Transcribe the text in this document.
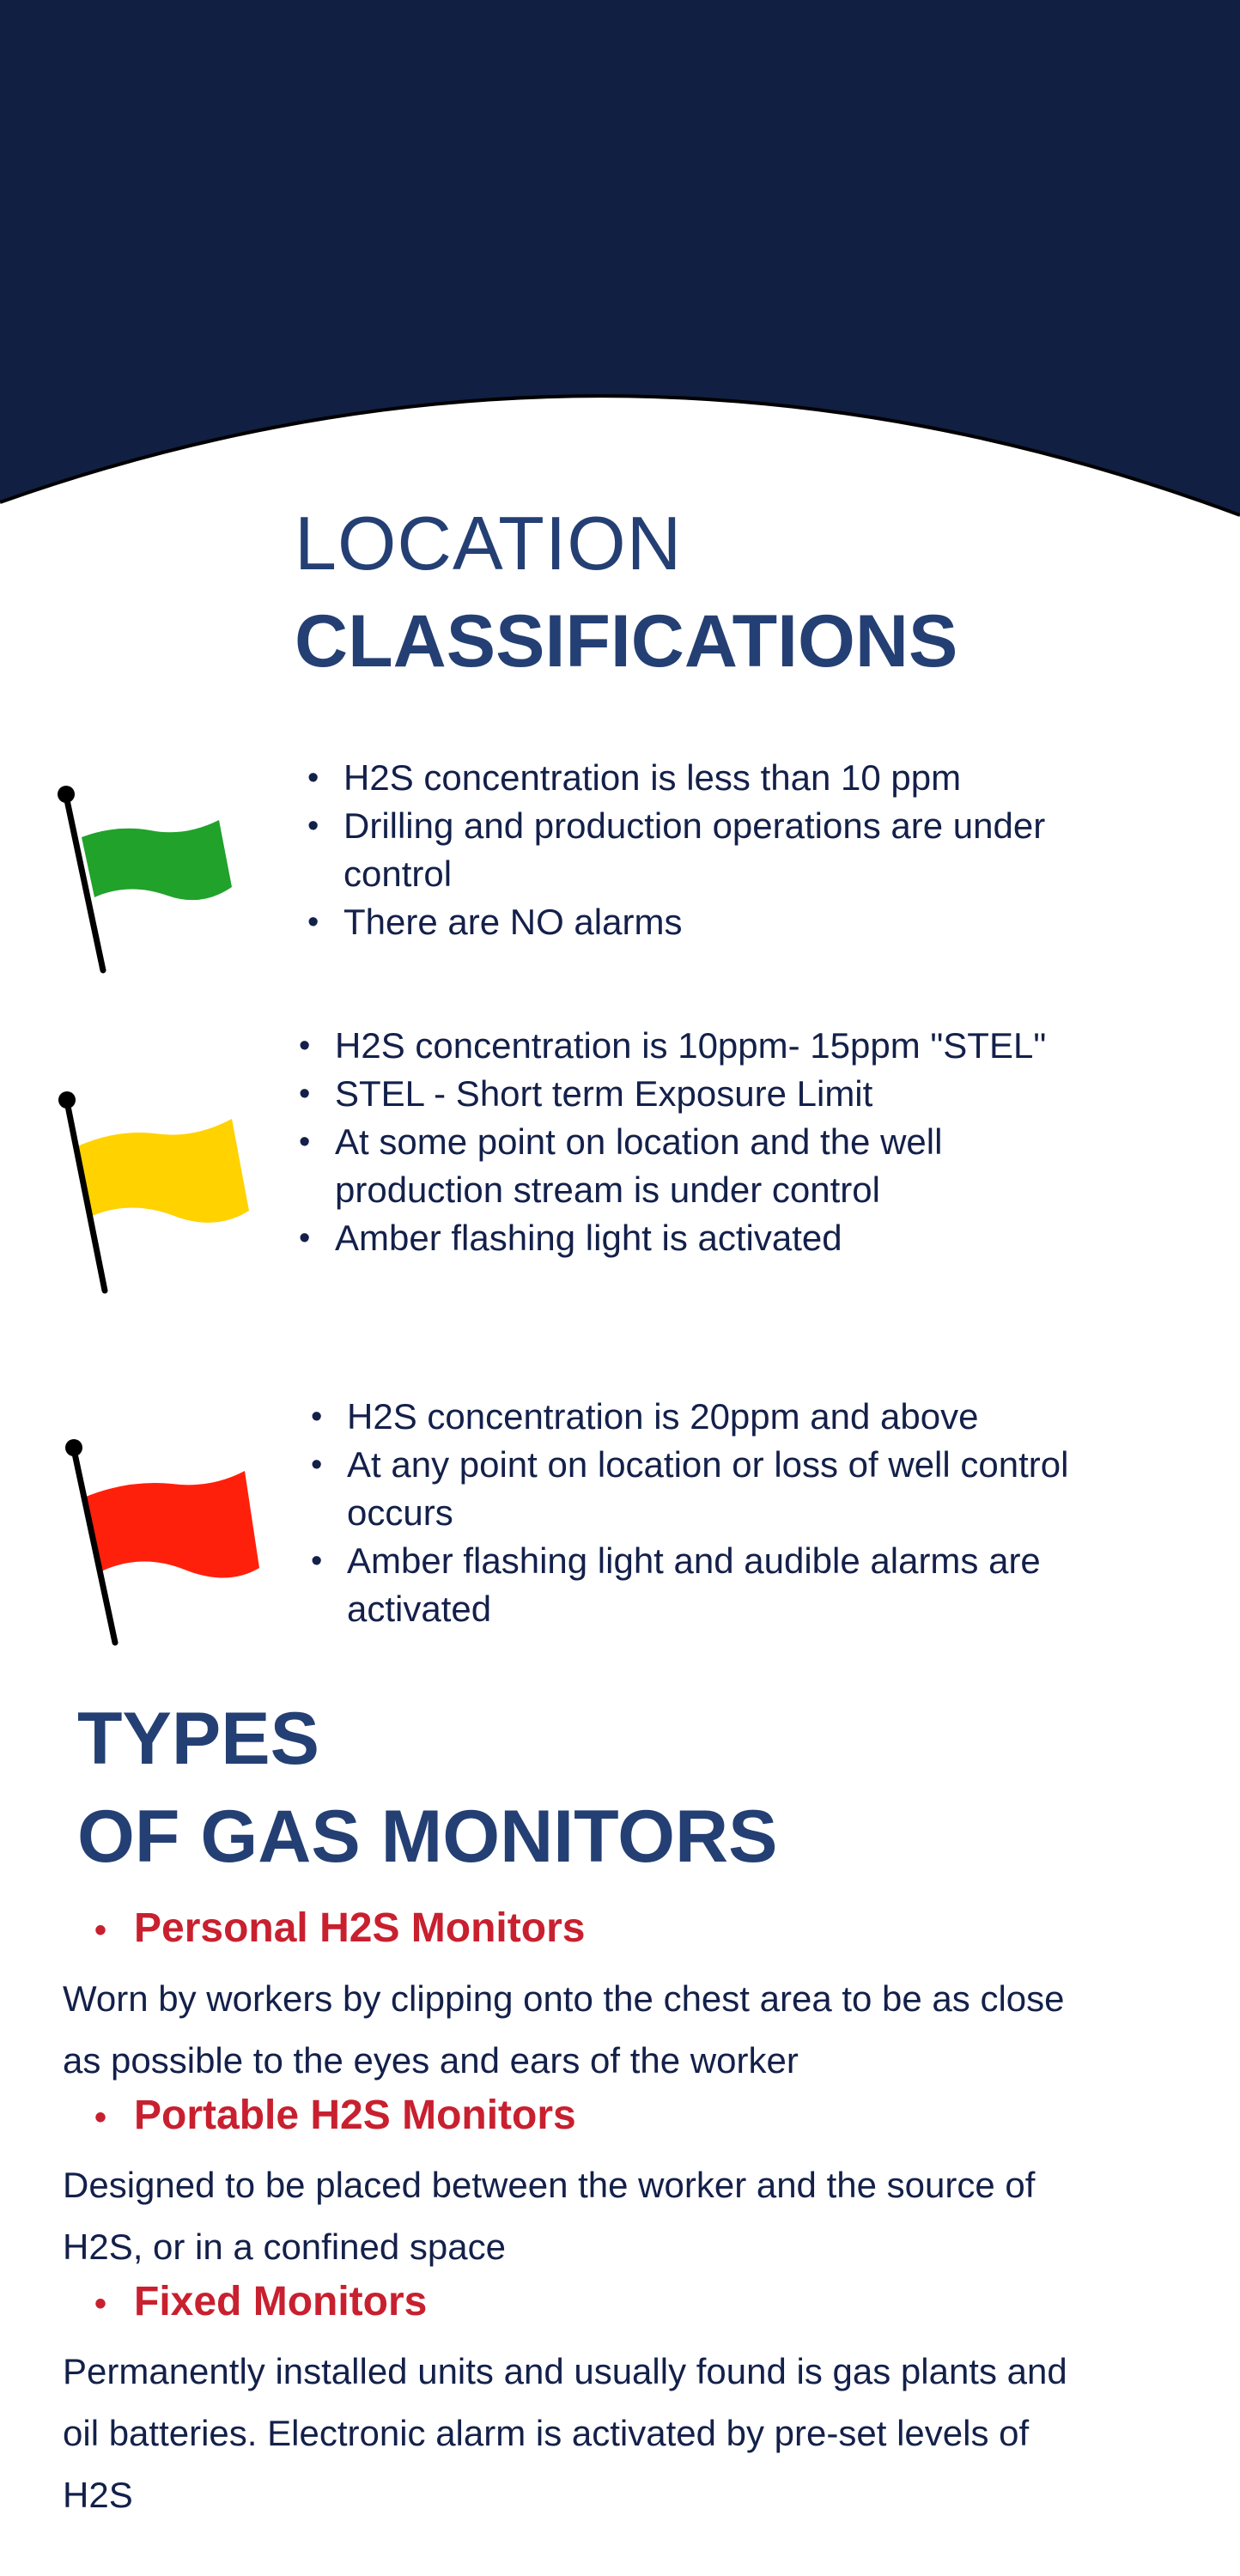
LOCATION
CLASSIFICATIONS
• H2S concentration is less than 10 ppm
• Drilling and production operations are under control
• There are NO alarms
• H2S concentration is 10ppm- 15ppm "STEL"
• STEL - Short term Exposure Limit
• At some point on location and the well production stream is under control
• Amber flashing light is activated
• H2S concentration is 20ppm and above
• At any point on location or loss of well control occurs
• Amber flashing light and audible alarms are activated
TYPES
OF GAS MONITORS
• Personal H2S Monitors
Worn by workers by clipping onto the chest area to be as close as possible to the eyes and ears of the worker
• Portable H2S Monitors
Designed to be placed between the worker and the source of H2S, or in a confined space
• Fixed Monitors
Permanently installed units and usually found is gas plants and oil batteries. Electronic alarm is activated by pre-set levels of H2S
